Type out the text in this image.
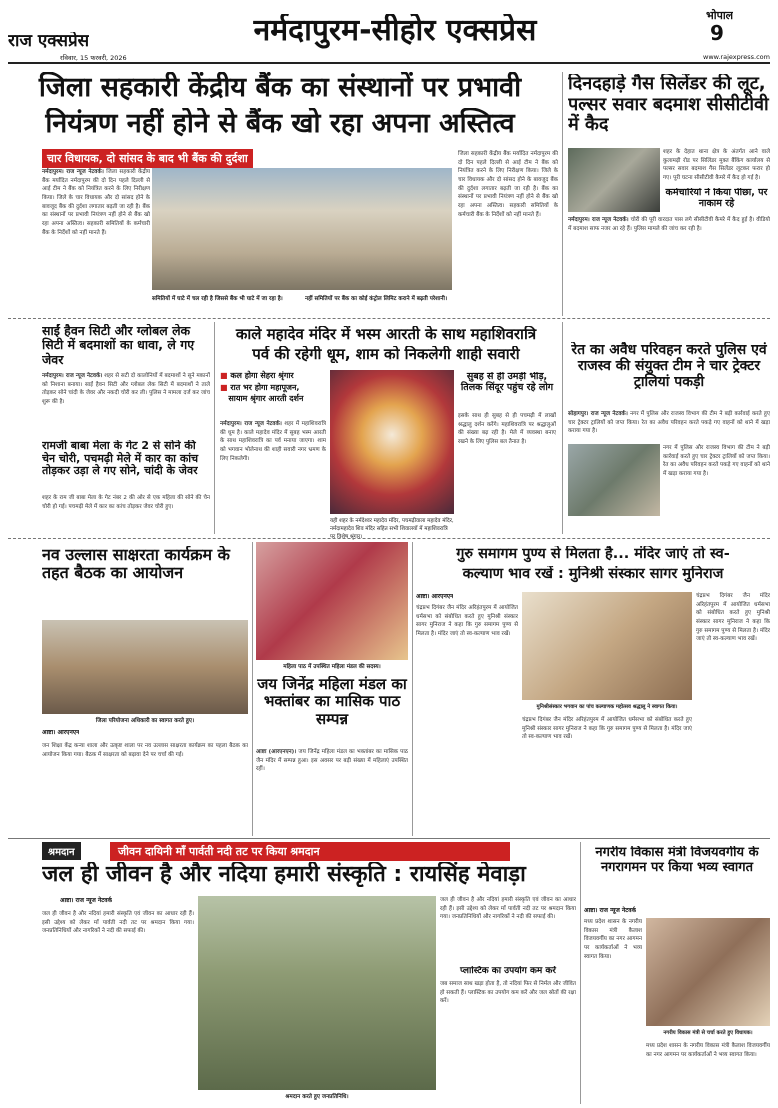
राज एक्सप्रेस	नर्मदापुरम-सीहोर एक्सप्रेस	भोपाल
9
रविवार, 15 फरवरी, 2026	www.rajexpress.com
जिला सहकारी केंद्रीय बैंक का संस्थानों पर प्रभावी
नियंत्रण नहीं होने से बैंक खो रहा अपना अस्तित्व
चार विधायक, दो सांसद के बाद भी बैंक की दुर्दशा
नर्मदापुरम। राज न्यूज नेटवर्क। जिला सहकारी केंद्रीय बैंक मर्यादित नर्मदापुरम की दो दिन पहले दिल्ली से आई टीम ने बैंक को नियंत्रित करने के लिए निरीक्षण किया। जिले के चार विधायक और दो सांसद होने के बावजूद बैंक की दुर्दशा लगातार बढ़ती जा रही है। बैंक का संस्थानों पर प्रभावी नियंत्रण नहीं होने से बैंक खो रहा अपना अस्तित्व। सहकारी समितियों के कर्मचारी बैंक के निर्देशों को नहीं मानते हैं।
समितियों में घाटे में चल रही है जिससे बैंक भी घाटे में जा रहा है।	नहीं समितियों पर बैंक का कोई कंट्रोल लिमिट कराने में बढ़ती परेशानी।
जिला सहकारी केंद्रीय बैंक मर्यादित नर्मदापुरम की दो दिन पहले दिल्ली से आई टीम ने बैंक को नियंत्रित करने के लिए निरीक्षण किया। जिले के चार विधायक और दो सांसद होने के बावजूद बैंक की दुर्दशा लगातार बढ़ती जा रही है। बैंक का संस्थानों पर प्रभावी नियंत्रण नहीं होने से बैंक खो रहा अपना अस्तित्व। सहकारी समितियों के कर्मचारी बैंक के निर्देशों को नहीं मानते हैं।
दिनदहाड़े गैस सिलेंडर की लूट, पल्सर सवार बदमाश सीसीटीवी में कैद
शहर के देहात थाना क्षेत्र के अंतर्गत आने वाले कुलामढ़ी रोड पर सिलिंडर मुक्त बैंकिंग कार्यालय से पल्सर सवार बदमाश गैस सिलेंडर लूटकर फरार हो गए। पूरी घटना सीसीटीवी कैमरे में कैद हो गई है।
कर्मचारियों ने किया पीछा, पर नाकाम रहे
नर्मदापुरम। राज न्यूज नेटवर्क। चोरी की पूरी वारदात पास लगे सीसीटीवी कैमरे में कैद हुई है। वीडियो में बदमाश साफ नजर आ रहे हैं। पुलिस मामले की जांच कर रही है।
साईं हैवन सिटी और ग्लोबल लेक सिटी में बदमाशों का धावा, ले गए जेवर
नर्मदापुरम। राज न्यूज नेटवर्क। शहर से सटी दो कालोनियों में बदमाशों ने सूने मकानों को निशाना बनाया। साईं हैवन सिटी और ग्लोबल लेक सिटी में बदमाशों ने ताले तोड़कर सोने चांदी के जेवर और नकदी चोरी कर ली। पुलिस ने मामला दर्ज कर जांच शुरू की है।
रामजी बाबा मेला के गेट 2 से सोने की चेन चोरी, पचमढ़ी मेले में कार का कांच तोड़कर उड़ा ले गए सोने, चांदी के जेवर
शहर के राम जी बाबा मेला के गेट नंबर 2 की ओर से एक महिला की सोने की चेन चोरी हो गई। पचमढ़ी मेले में कार का कांच तोड़कर जेवर चोरी हुए।
काले महादेव मंदिर में भस्म आरती के साथ महाशिवरात्रि
पर्व की रहेगी धूम, शाम को निकलेगी शाही सवारी
■ कल होगा सेहरा श्रृंगार
■ रात भर होगा महापूजन,
सायाम श्रृंगार आरती दर्शन
नर्मदापुरम। राज न्यूज नेटवर्क। शहर में महाशिवरात्रि की धूम है। काले महादेव मंदिर में सुबह भस्म आरती के साथ महाशिवरात्रि का पर्व मनाया जाएगा। शाम को भगवान भोलेनाथ की शाही सवारी नगर भ्रमण के लिए निकलेगी।
यही शहर के नर्मदेश्वर महादेव मंदिर, पचमढ़ीवाला महादेव मंदिर, नर्मदामहादेव शिव मंदिर सहित सभी शिवालयों में महाशिवरात्रि पर विशेष श्रृंगार।
सुबह से ही उमड़ी भीड़, तिलक सिंदूर पहुंच रहे लोग
इसके साथ ही सुबह से ही पचमढ़ी में लाखों श्रद्धालु दर्शन करेंगे। महाशिवरात्रि पर श्रद्धालुओं की संख्या बढ़ रही है। मेले में व्यवस्था बनाए रखने के लिए पुलिस बल तैनात है।
रेत का अवैध परिवहन करते पुलिस एवं राजस्व की संयुक्त टीम ने चार ट्रेक्टर ट्रालियां पकड़ी
सोहागपुर। राज न्यूज नेटवर्क। नगर में पुलिस और राजस्व विभाग की टीम ने बड़ी कार्रवाई करते हुए चार ट्रेक्टर ट्रालियों को जप्त किया। रेत का अवैध परिवहन करते पकड़े गए वाहनों को थाने में खड़ा कराया गया है।
नगर में पुलिस और राजस्व विभाग की टीम ने बड़ी कार्रवाई करते हुए चार ट्रेक्टर ट्रालियों को जप्त किया। रेत का अवैध परिवहन करते पकड़े गए वाहनों को थाने में खड़ा कराया गया है।
नव उल्लास साक्षरता कार्यक्रम के तहत बैठक का आयोजन
जिला परियोजना अधिकारी का स्वागत करते हुए।
आष्टा। आरएनएन
जन शिक्षा केंद्र कन्या शाला और उत्कृष्ट शाला पर नव उल्लास साक्षरता कार्यक्रम का पहला बैठक का आयोजन किया गया। बैठक में साक्षरता को बढ़ावा देने पर चर्चा की गई।
महिला पाठ में उपस्थित महिला मंडल की सदस्य।
जय जिनेंद्र महिला मंडल का भक्तांबर का मासिक पाठ सम्पन्न
आष्टा (आरएनएन)। जय जिनेंद्र महिला मंडल का भक्तांबर का मासिक पाठ जैन मंदिर में सम्पन्न हुआ। इस अवसर पर बड़ी संख्या में महिलाएं उपस्थित रहीं।
गुरु समागम पुण्य से मिलता है... मंदिर जाएं तो स्व-
कल्याण भाव रखें : मुनिश्री संस्कार सागर मुनिराज
आष्टा। आरएनएन
चंद्रप्रभ दिगंबर जैन मंदिर अरिहंतपुरम में आयोजित धर्मसभा को संबोधित करते हुए मुनिश्री संस्कार सागर मुनिराज ने कहा कि गुरु समागम पुण्य से मिलता है। मंदिर जाएं तो स्व-कल्याण भाव रखें।
मुनिश्रीसंस्कार भगवान का पांच कल्याणक महोत्सव श्रद्धालु ने स्वागत किया।
चंद्रप्रभ दिगंबर जैन मंदिर अरिहंतपुरम में आयोजित धर्मसभा को संबोधित करते हुए मुनिश्री संस्कार सागर मुनिराज ने कहा कि गुरु समागम पुण्य से मिलता है। मंदिर जाएं तो स्व-कल्याण भाव रखें।
चंद्रप्रभ दिगंबर जैन मंदिर अरिहंतपुरम में आयोजित धर्मसभा को संबोधित करते हुए मुनिश्री संस्कार सागर मुनिराज ने कहा कि गुरु समागम पुण्य से मिलता है। मंदिर जाएं तो स्व-कल्याण भाव रखें।
श्रमदान	जीवन दायिनी माँ पार्वती नदी तट पर किया श्रमदान
जल ही जीवन है और नदिया हमारी संस्कृति : रायसिंह मेवाड़ा
आष्टा। राज न्यूज नेटवर्क
जल ही जीवन है और नदियां हमारी संस्कृति एवं जीवन का आधार रही हैं। इसी उद्देश्य को लेकर माँ पार्वती नदी तट पर श्रमदान किया गया। जनप्रतिनिधियों और नागरिकों ने नदी की सफाई की।
श्रमदान करते हुए जनप्रतिनिधि।
जल ही जीवन है और नदियां हमारी संस्कृति एवं जीवन का आधार रही हैं। इसी उद्देश्य को लेकर माँ पार्वती नदी तट पर श्रमदान किया गया। जनप्रतिनिधियों और नागरिकों ने नदी की सफाई की।
प्लास्टिक का उपयोग कम करें
जब समाज साथ खड़ा होता है, तो नदियां फिर से निर्मल और जीवित हो सकती हैं। प्लास्टिक का उपयोग कम करें और जल स्रोतों की रक्षा करें।
नगरीय विकास मंत्री विजयवर्गीय के नगरागमन पर किया भव्य स्वागत
आष्टा। राज न्यूज नेटवर्क
मध्य प्रदेश शासन के नगरीय विकास मंत्री कैलाश विजयवर्गीय का नगर आगमन पर कार्यकर्ताओं ने भव्य स्वागत किया।
नगरीय विकास मंत्री से चर्चा करते हुए विधायक।
मध्य प्रदेश शासन के नगरीय विकास मंत्री कैलाश विजयवर्गीय का नगर आगमन पर कार्यकर्ताओं ने भव्य स्वागत किया।
